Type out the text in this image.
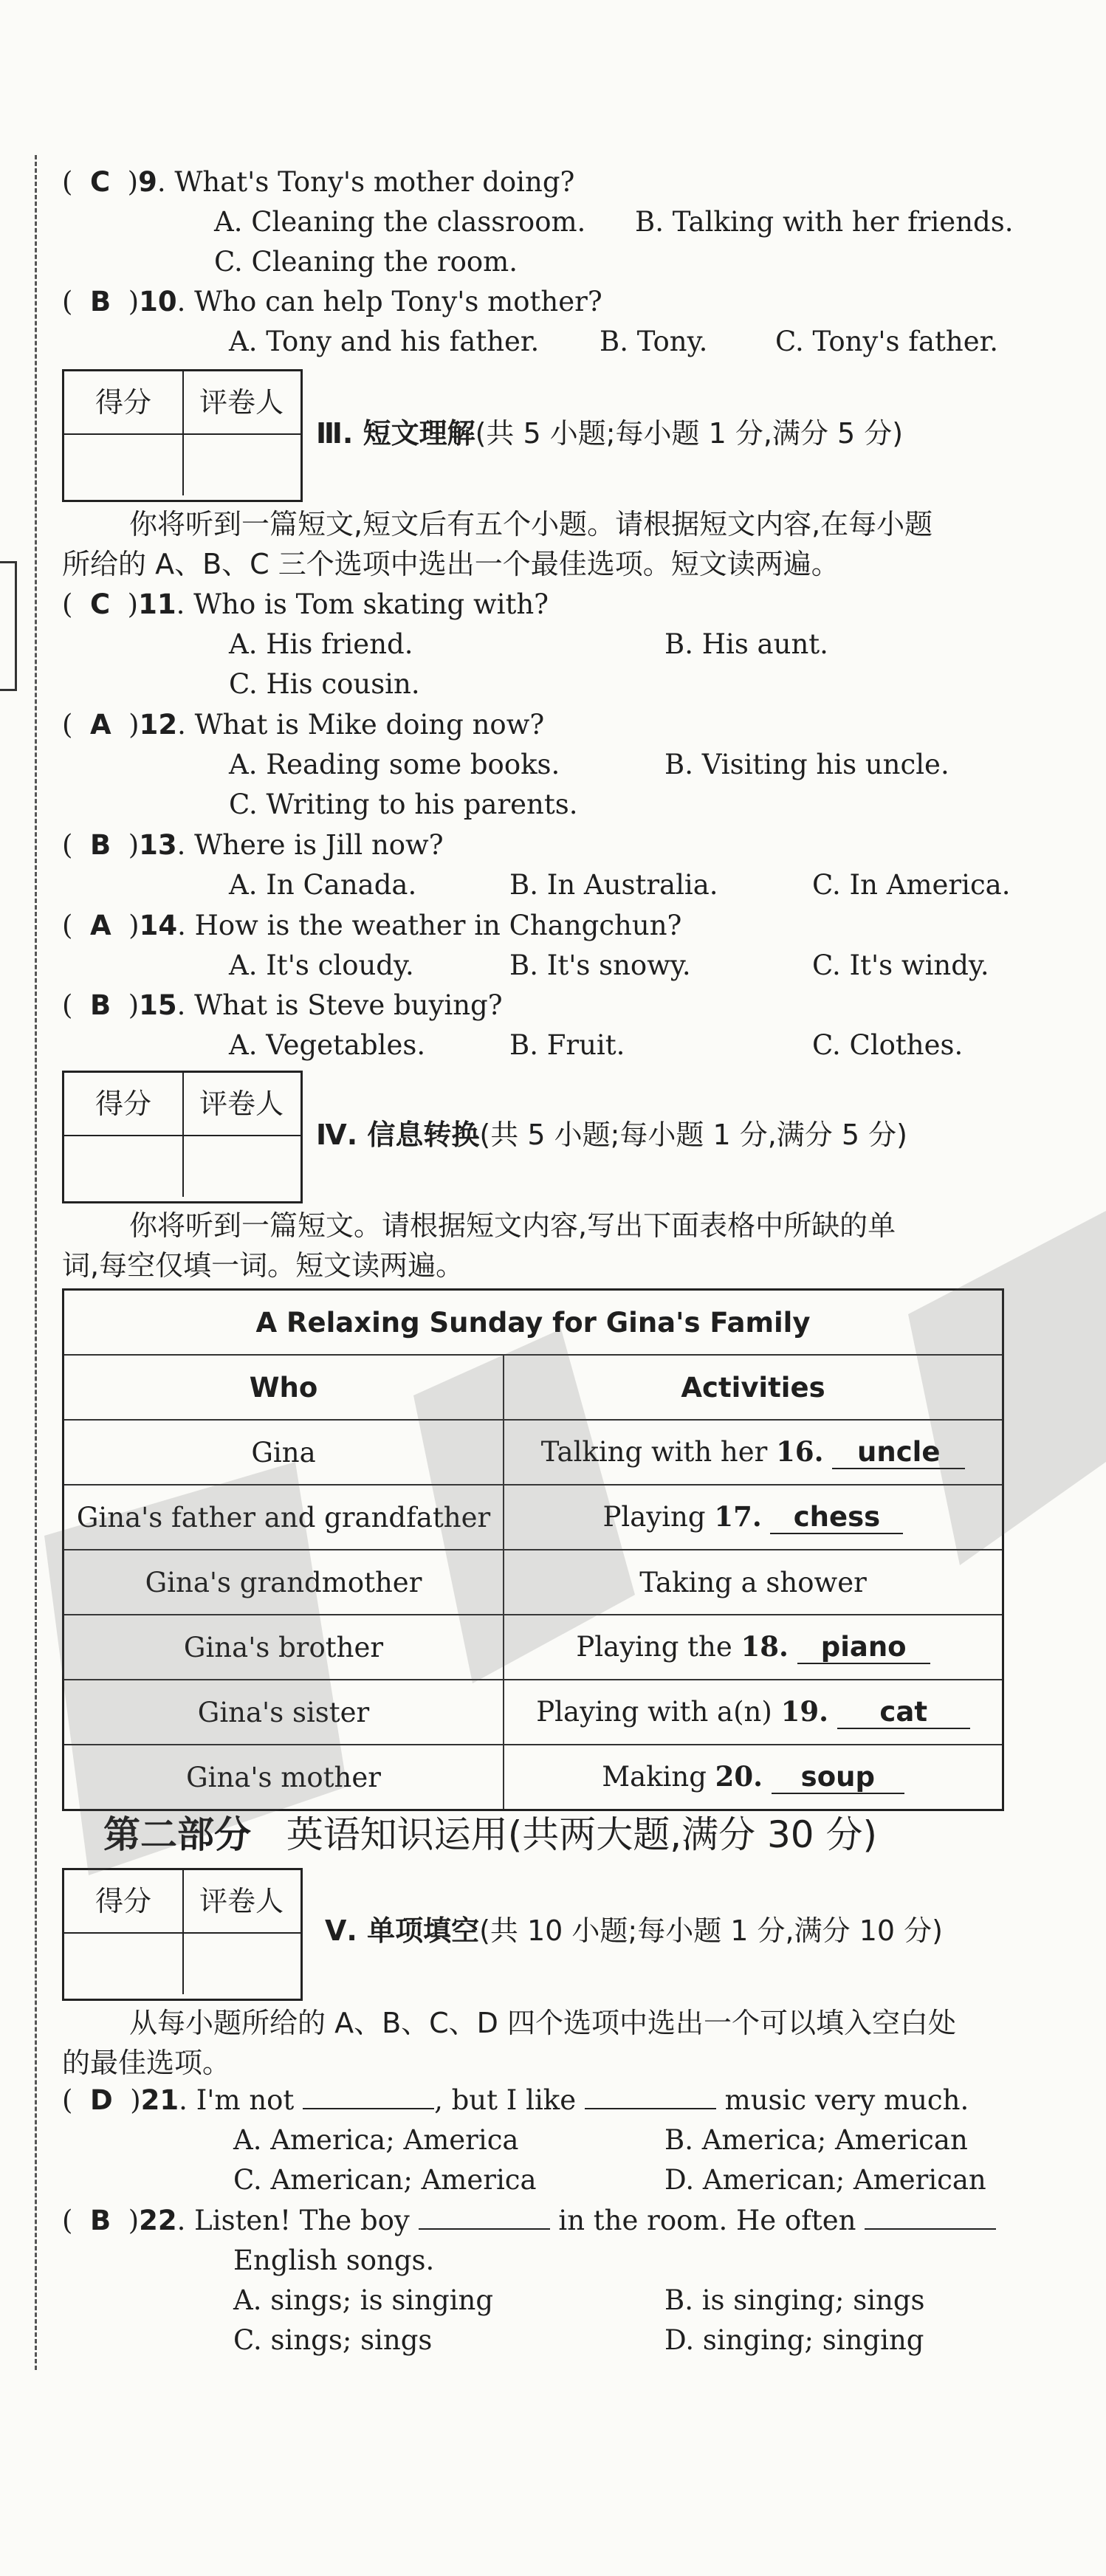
(  C  )9. What's Tony's mother doing?
A. Cleaning the classroom. B. Talking with her friends.
C. Cleaning the room.
(  B  )10. Who can help Tony's mother?
A. Tony and his father. B. Tony. C. Tony's father.
得分	评卷人
Ⅲ. 短文理解(共 5 小题;每小题 1 分,满分 5 分)
你将听到一篇短文,短文后有五个小题。请根据短文内容,在每小题
所给的 A、B、C 三个选项中选出一个最佳选项。短文读两遍。
(  C  )11. Who is Tom skating with?
A. His friend.	B. His aunt.
C. His cousin.
(  A  )12. What is Mike doing now?
A. Reading some books.	B. Visiting his uncle.
C. Writing to his parents.
(  B  )13. Where is Jill now?
A. In Canada.	B. In Australia.	C. In America.
(  A  )14. How is the weather in Changchun?
A. It's cloudy.	B. It's snowy.	C. It's windy.
(  B  )15. What is Steve buying?
A. Vegetables.	B. Fruit.	C. Clothes.
得分	评卷人
Ⅳ. 信息转换(共 5 小题;每小题 1 分,满分 5 分)
你将听到一篇短文。请根据短文内容,写出下面表格中所缺的单
词,每空仅填一词。短文读两遍。
A Relaxing Sunday for Gina's Family	
Who	Activities
Gina	Talking with her 16. uncle
Gina's father and grandfather	Playing 17. chess
Gina's grandmother	Taking a shower
Gina's brother	Playing the 18. piano
Gina's sister	Playing with a(n) 19. cat
Gina's mother	Making 20. soup
第二部分 英语知识运用(共两大题,满分 30 分)
得分	评卷人
Ⅴ. 单项填空(共 10 小题;每小题 1 分,满分 10 分)
从每小题所给的 A、B、C、D 四个选项中选出一个可以填入空白处
的最佳选项。
(  D  )21. I'm not	, but I like	music very much.
A. America; America	B. America; American
C. American; America	D. American; American
(  B  )22. Listen! The boy	in the room. He often
English songs.
A. sings; is singing	B. is singing; sings
C. sings; sings	D. singing; singing
